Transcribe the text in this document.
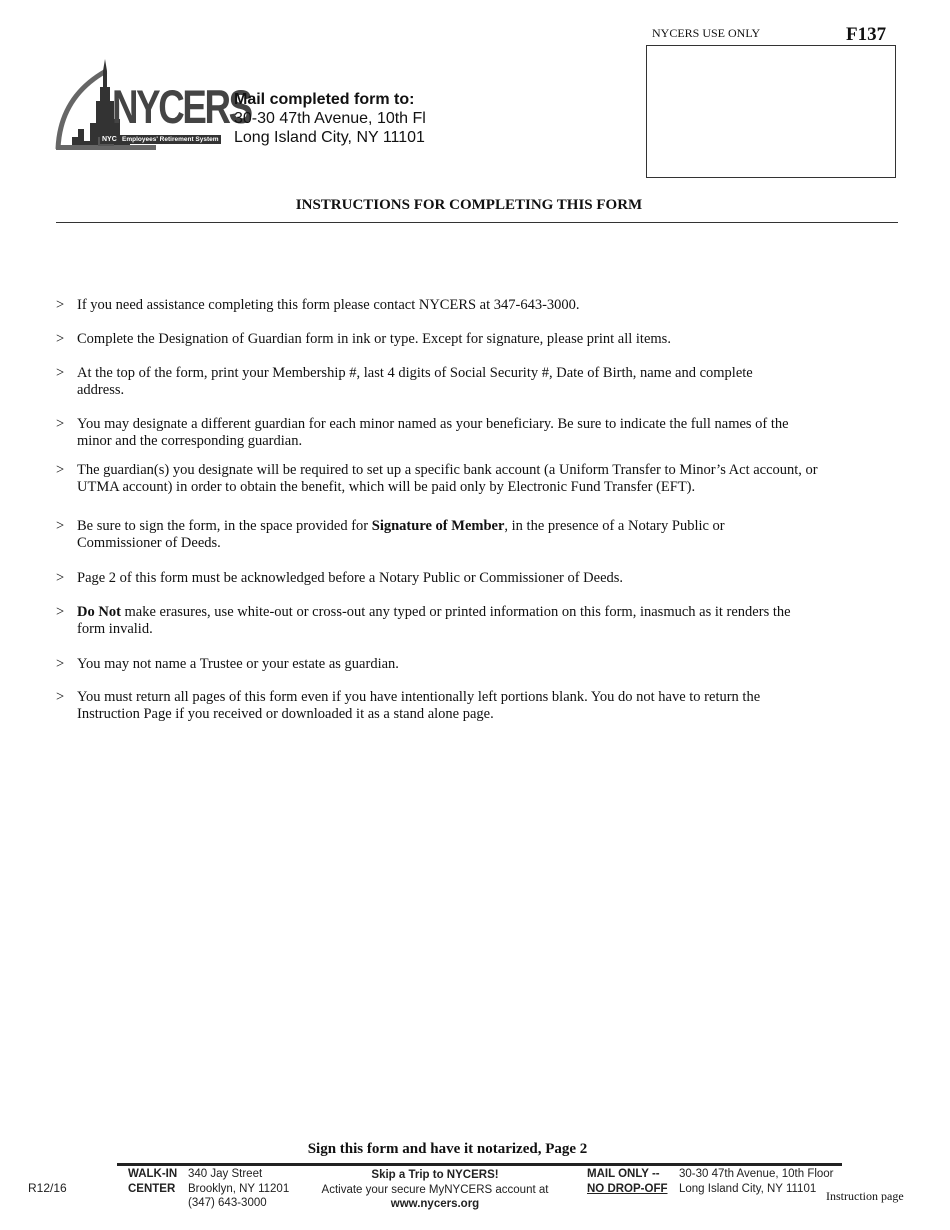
NYCERS
NYC Employees' Retirement System
Mail completed form to:
30-30 47th Avenue, 10th Fl
Long Island City, NY 11101
NYCERS USE ONLY	F137
INSTRUCTIONS FOR COMPLETING THIS FORM
> If you need assistance completing this form please contact NYCERS at 347-643-3000.
> Complete the Designation of Guardian form in ink or type. Except for signature, please print all items.
> At the top of the form, print your Membership #, last 4 digits of Social Security #, Date of Birth, name and complete address.
> You may designate a different guardian for each minor named as your beneficiary. Be sure to indicate the full names of the minor and the corresponding guardian.
> The guardian(s) you designate will be required to set up a specific bank account (a Uniform Transfer to Minor’s Act account, or UTMA account) in order to obtain the benefit, which will be paid only by Electronic Fund Transfer (EFT).
> Be sure to sign the form, in the space provided for Signature of Member, in the presence of a Notary Public or Commissioner of Deeds.
> Page 2 of this form must be acknowledged before a Notary Public or Commissioner of Deeds.
> Do Not make erasures, use white-out or cross-out any typed or printed information on this form, inasmuch as it renders the form invalid.
> You may not name a Trustee or your estate as guardian.
> You must return all pages of this form even if you have intentionally left portions blank. You do not have to return the Instruction Page if you received or downloaded it as a stand alone page.
Sign this form and have it notarized, Page 2
R12/16
WALK-IN
CENTER
340 Jay Street
Brooklyn, NY 11201
(347) 643-3000
Skip a Trip to NYCERS!
Activate your secure MyNYCERS account at
www.nycers.org
MAIL ONLY --
NO DROP-OFF
30-30 47th Avenue, 10th Floor
Long Island City, NY 11101
Instruction page
